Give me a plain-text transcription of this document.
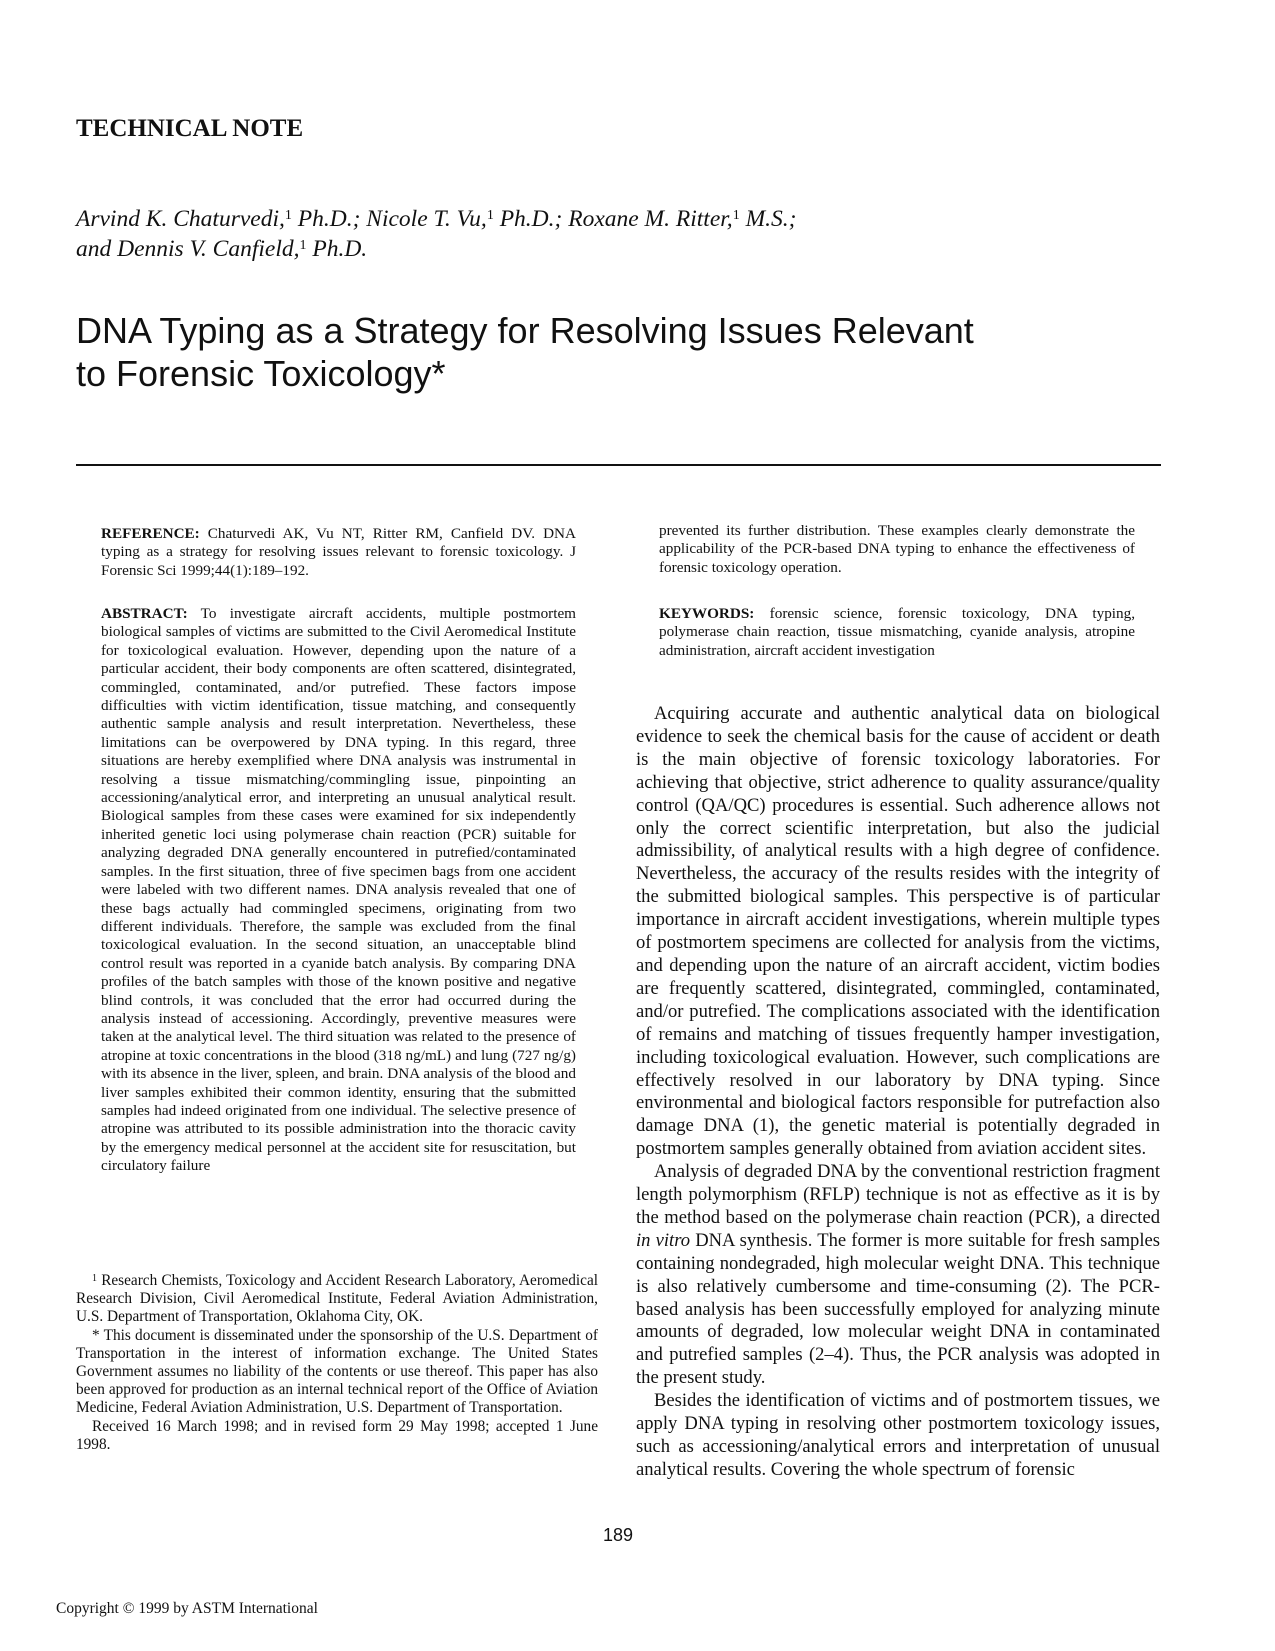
TECHNICAL NOTE

Arvind K. Chaturvedi,$^1$ Ph.D.; Nicole T. Vu,$^1$ Ph.D.; Roxane M. Ritter,$^1$ M.S.;
and Dennis V. Canfield,$^1$ Ph.D.

DNA Typing as a Strategy for Resolving Issues Relevant
to Forensic Toxicology*

REFERENCE: Chaturvedi AK, Vu NT, Ritter RM, Canfield DV. DNA typing as a strategy for resolving issues relevant to forensic toxicology. J Forensic Sci 1999;44(1):189–192.

ABSTRACT: To investigate aircraft accidents, multiple postmortem biological samples of victims are submitted to the Civil Aeromedical Institute for toxicological evaluation. However, depending upon the nature of a particular accident, their body components are often scattered, disintegrated, commingled, contaminated, and/or putrefied. These factors impose difficulties with victim identification, tissue matching, and consequently authentic sample analysis and result interpretation. Nevertheless, these limitations can be overpowered by DNA typing. In this regard, three situations are hereby exemplified where DNA analysis was instrumental in resolving a tissue mismatching/commingling issue, pinpointing an accessioning/analytical error, and interpreting an unusual analytical result. Biological samples from these cases were examined for six independently inherited genetic loci using polymerase chain reaction (PCR) suitable for analyzing degraded DNA generally encountered in putrefied/contaminated samples. In the first situation, three of five specimen bags from one accident were labeled with two different names. DNA analysis revealed that one of these bags actually had commingled specimens, originating from two different individuals. Therefore, the sample was excluded from the final toxicological evaluation. In the second situation, an unacceptable blind control result was reported in a cyanide batch analysis. By comparing DNA profiles of the batch samples with those of the known positive and negative blind controls, it was concluded that the error had occurred during the analysis instead of accessioning. Accordingly, preventive measures were taken at the analytical level. The third situation was related to the presence of atropine at toxic concentrations in the blood (318 ng/mL) and lung (727 ng/g) with its absence in the liver, spleen, and brain. DNA analysis of the blood and liver samples exhibited their common identity, ensuring that the submitted samples had indeed originated from one individual. The selective presence of atropine was attributed to its possible administration into the thoracic cavity by the emergency medical personnel at the accident site for resuscitation, but circulatory failure

prevented its further distribution. These examples clearly demonstrate the applicability of the PCR-based DNA typing to enhance the effectiveness of forensic toxicology operation.

KEYWORDS: forensic science, forensic toxicology, DNA typing, polymerase chain reaction, tissue mismatching, cyanide analysis, atropine administration, aircraft accident investigation

Acquiring accurate and authentic analytical data on biological evidence to seek the chemical basis for the cause of accident or death is the main objective of forensic toxicology laboratories. For achieving that objective, strict adherence to quality assurance/quality control (QA/QC) procedures is essential. Such adherence allows not only the correct scientific interpretation, but also the judicial admissibility, of analytical results with a high degree of confidence. Nevertheless, the accuracy of the results resides with the integrity of the submitted biological samples. This perspective is of particular importance in aircraft accident investigations, wherein multiple types of postmortem specimens are collected for analysis from the victims, and depending upon the nature of an aircraft accident, victim bodies are frequently scattered, disintegrated, commingled, contaminated, and/or putrefied. The complications associated with the identification of remains and matching of tissues frequently hamper investigation, including toxicological evaluation. However, such complications are effectively resolved in our laboratory by DNA typing. Since environmental and biological factors responsible for putrefaction also damage DNA (1), the genetic material is potentially degraded in postmortem samples generally obtained from aviation accident sites.

Analysis of degraded DNA by the conventional restriction fragment length polymorphism (RFLP) technique is not as effective as it is by the method based on the polymerase chain reaction (PCR), a directed in vitro DNA synthesis. The former is more suitable for fresh samples containing nondegraded, high molecular weight DNA. This technique is also relatively cumbersome and time-consuming (2). The PCR-based analysis has been successfully employed for analyzing minute amounts of degraded, low molecular weight DNA in contaminated and putrefied samples (2–4). Thus, the PCR analysis was adopted in the present study.

Besides the identification of victims and of postmortem tissues, we apply DNA typing in resolving other postmortem toxicology issues, such as accessioning/analytical errors and interpretation of unusual analytical results. Covering the whole spectrum of forensic

$^1$ Research Chemists, Toxicology and Accident Research Laboratory, Aeromedical Research Division, Civil Aeromedical Institute, Federal Aviation Administration, U.S. Department of Transportation, Oklahoma City, OK.

* This document is disseminated under the sponsorship of the U.S. Department of Transportation in the interest of information exchange. The United States Government assumes no liability of the contents or use thereof. This paper has also been approved for production as an internal technical report of the Office of Aviation Medicine, Federal Aviation Administration, U.S. Department of Transportation.

Received 16 March 1998; and in revised form 29 May 1998; accepted 1 June 1998.

189

Copyright © 1999 by ASTM International
